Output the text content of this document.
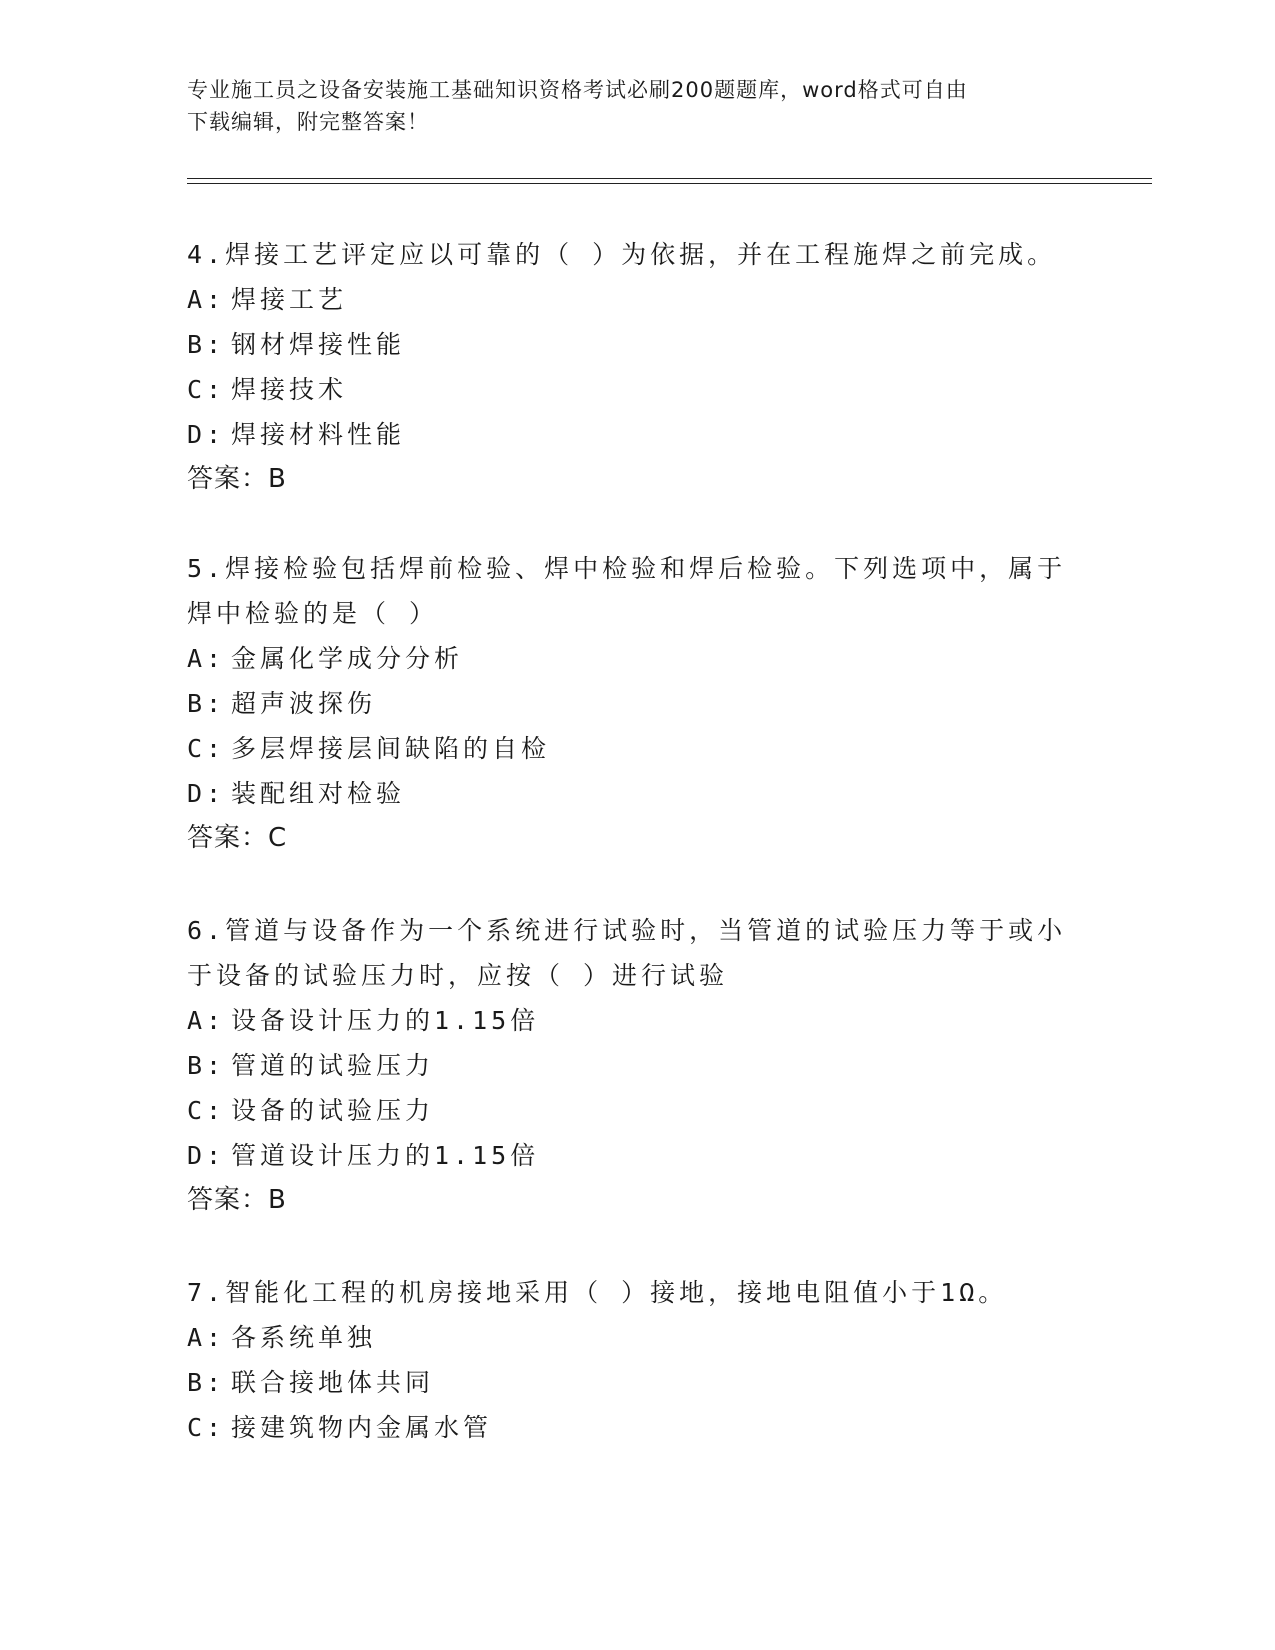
专业施工员之设备安装施工基础知识资格考试必刷200题题库，word格式可自由
下载编辑，附完整答案！
4.焊接工艺评定应以可靠的（ ）为依据，并在工程施焊之前完成。
A: 焊接工艺
B: 钢材焊接性能
C: 焊接技术
D: 焊接材料性能
答案：B
5.焊接检验包括焊前检验、焊中检验和焊后检验。下列选项中，属于焊中检验的是（ ）
A: 金属化学成分分析
B: 超声波探伤
C: 多层焊接层间缺陷的自检
D: 装配组对检验
答案：C
6.管道与设备作为一个系统进行试验时，当管道的试验压力等于或小于设备的试验压力时，应按（ ）进行试验
A: 设备设计压力的1.15倍
B: 管道的试验压力
C: 设备的试验压力
D: 管道设计压力的1.15倍
答案：B
7.智能化工程的机房接地采用（ ）接地，接地电阻值小于1Ω。
A: 各系统单独
B: 联合接地体共同
C: 接建筑物内金属水管
